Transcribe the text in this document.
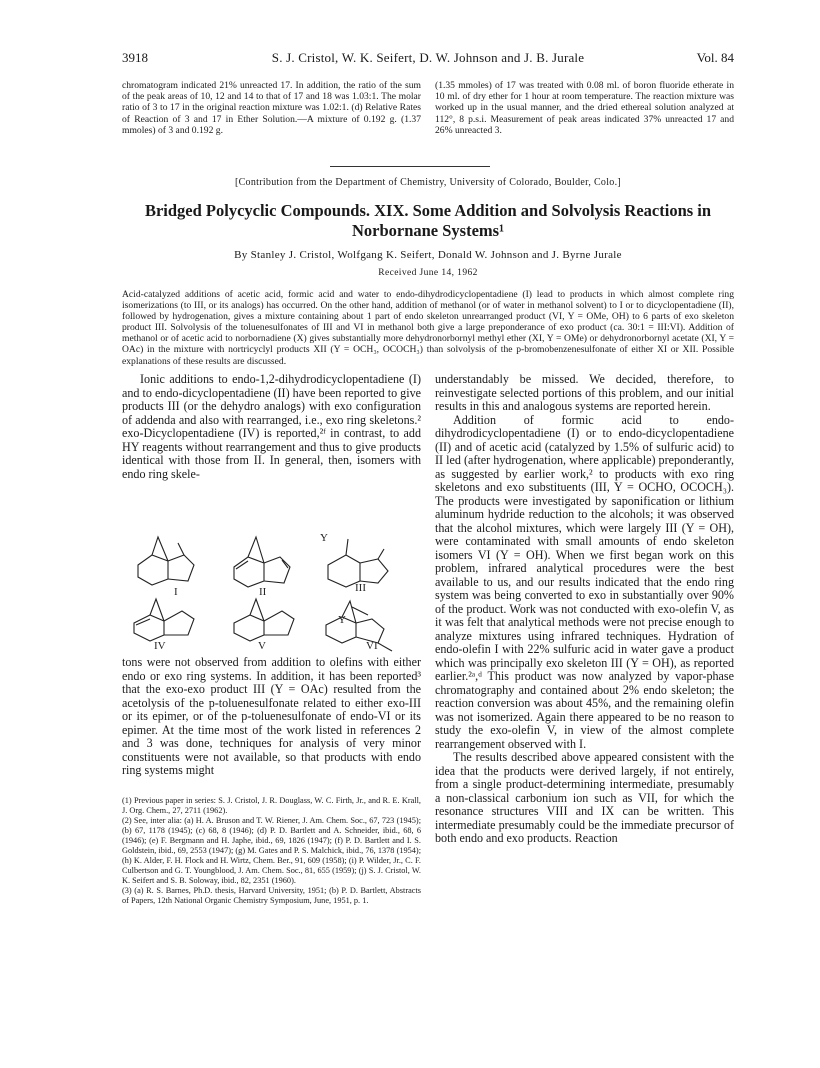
3918	S. J. Cristol, W. K. Seifert, D. W. Johnson and J. B. Jurale	Vol. 84
chromatogram indicated 21% unreacted 17. In addition, the ratio of the sum of the peak areas of 10, 12 and 14 to that of 17 and 18 was 1.03:1. The molar ratio of 3 to 17 in the original reaction mixture was 1.02:1. (d) Relative Rates of Reaction of 3 and 17 in Ether Solution.—A mixture of 0.192 g. (1.37 mmoles) of 3 and 0.192 g.
(1.35 mmoles) of 17 was treated with 0.08 ml. of boron fluoride etherate in 10 ml. of dry ether for 1 hour at room temperature. The reaction mixture was worked up in the usual manner, and the dried ethereal solution analyzed at 112°, 8 p.s.i. Measurement of peak areas indicated 37% unreacted 17 and 26% unreacted 3.
[Contribution from the Department of Chemistry, University of Colorado, Boulder, Colo.]
Bridged Polycyclic Compounds. XIX. Some Addition and Solvolysis Reactions in Norbornane Systems¹
By Stanley J. Cristol, Wolfgang K. Seifert, Donald W. Johnson and J. Byrne Jurale
Received June 14, 1962
Acid-catalyzed additions of acetic acid, formic acid and water to endo-dihydrodicyclopentadiene (I) lead to products in which almost complete ring isomerizations (to III, or its analogs) has occurred. On the other hand, addition of methanol (or of water in methanol solvent) to I or to dicyclopentadiene (II), followed by hydrogenation, gives a mixture containing about 1 part of endo skeleton unrearranged product (VI, Y = OMe, OH) to 6 parts of exo skeleton product III. Solvolysis of the toluenesulfonates of III and VI in methanol both give a large preponderance of exo product (ca. 30:1 = III:VI). Addition of methanol or of acetic acid to norbornadiene (X) gives substantially more dehydronorbornyl methyl ether (XI, Y = OMe) or dehydronorbornyl acetate (XI, Y = OAc) in the mixture with nortricyclyl products XII (Y = OCH₃, OCOCH₃) than solvolysis of the p-bromobenzenesulfonate of either XI or XII. Possible explanations of these results are discussed.

Ionic additions to endo-1,2-dihydrodicyclopentadiene (I) and to endo-dicyclopentadiene (II) have been reported to give products III (or the dehydro analogs) with exo configuration of addenda and also with rearranged, i.e., exo ring skeletons.² exo-Dicyclopentadiene (IV) is reported,²ᶠ in contrast, to add HY reagents without rearrangement and thus to give products identical with those from II. In general, then, isomers with endo ring skele-

I	II	III
IV	V	VI
Y
Y

tons were not observed from addition to olefins with either endo or exo ring systems. In addition, it has been reported³ that the exo-exo product III (Y = OAc) resulted from the acetolysis of the p-toluenesulfonate related to either exo-III or its epimer, or of the p-toluenesulfonate of endo-VI or its epimer. At the time most of the work listed in references 2 and 3 was done, techniques for analysis of very minor constituents were not available, so that products with endo ring systems might

(1) Previous paper in series: S. J. Cristol, J. R. Douglass, W. C. Firth, Jr., and R. E. Krall, J. Org. Chem., 27, 2711 (1962).

(2) See, inter alia: (a) H. A. Bruson and T. W. Riener, J. Am. Chem. Soc., 67, 723 (1945); (b) 67, 1178 (1945); (c) 68, 8 (1946); (d) P. D. Bartlett and A. Schneider, ibid., 68, 6 (1946); (e) F. Bergmann and H. Japhe, ibid., 69, 1826 (1947); (f) P. D. Bartlett and I. S. Goldstein, ibid., 69, 2553 (1947); (g) M. Gates and P. S. Malchick, ibid., 76, 1378 (1954); (h) K. Alder, F. H. Flock and H. Wirtz, Chem. Ber., 91, 609 (1958); (i) P. Wilder, Jr., C. F. Culbertson and G. T. Youngblood, J. Am. Chem. Soc., 81, 655 (1959); (j) S. J. Cristol, W. K. Seifert and S. B. Soloway, ibid., 82, 2351 (1960).

(3) (a) R. S. Barnes, Ph.D. thesis, Harvard University, 1951; (b) P. D. Bartlett, Abstracts of Papers, 12th National Organic Chemistry Symposium, June, 1951, p. 1.

understandably be missed. We decided, therefore, to reinvestigate selected portions of this problem, and our initial results in this and analogous systems are reported herein.

Addition of formic acid to endo-dihydrodicyclopentadiene (I) or to endo-dicyclopentadiene (II) and of acetic acid (catalyzed by 1.5% of sulfuric acid) to II led (after hydrogenation, where applicable) preponderantly, as suggested by earlier work,² to products with exo ring skeletons and exo substituents (III, Y = OCHO, OCOCH₃). The products were investigated by saponification or lithium aluminum hydride reduction to the alcohols; it was observed that the alcohol mixtures, which were largely III (Y = OH), were contaminated with small amounts of endo skeleton isomers VI (Y = OH). When we first began work on this problem, infrared analytical procedures were the best available to us, and our results indicated that the endo ring system was being converted to exo in substantially over 90% of the product. Work was not conducted with exo-olefin V, as it was felt that analytical methods were not precise enough to analyze mixtures using infrared techniques. Hydration of endo-olefin I with 22% sulfuric acid in water gave a product which was principally exo skeleton III (Y = OH), as reported earlier.²ᵃ,ᵈ This product was now analyzed by vapor-phase chromatography and contained about 2% endo skeleton; the reaction conversion was about 45%, and the remaining olefin was not isomerized. Again there appeared to be no reason to study the exo-olefin V, in view of the almost complete rearrangement observed with I.

The results described above appeared consistent with the idea that the products were derived largely, if not entirely, from a single product-determining intermediate, presumably a non-classical carbonium ion such as VII, for which the resonance structures VIII and IX can be written. This intermediate presumably could be the immediate precursor of both endo and exo products. Reaction
